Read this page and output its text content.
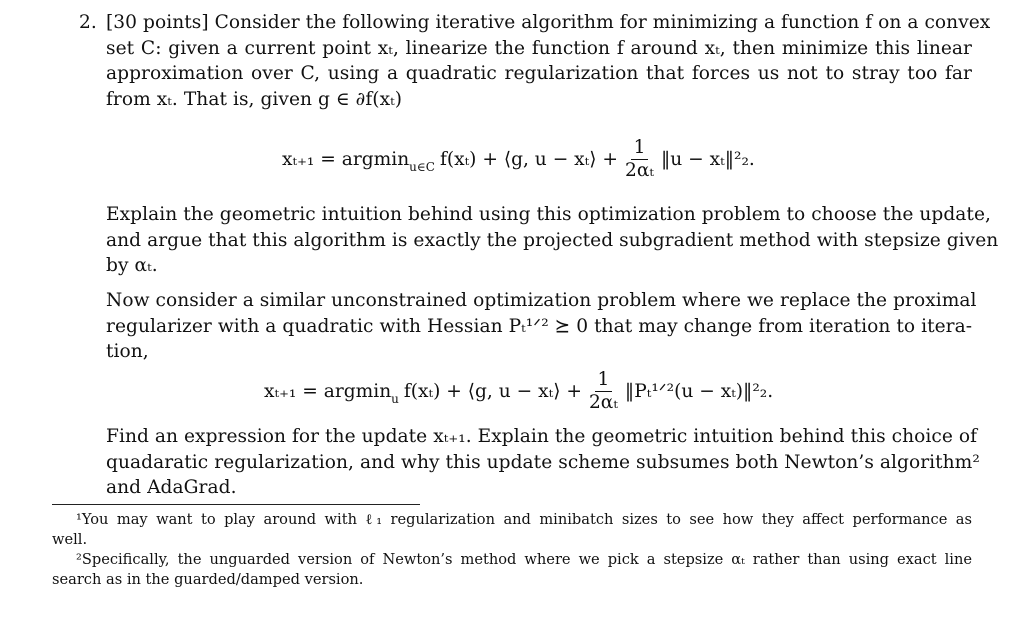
2. [30 points] Consider the following iterative algorithm for minimizing a function f on a convex
set C: given a current point xₜ, linearize the function f around xₜ, then minimize this linear
approximation over C, using a quadratic regularization that forces us not to stray too far
from xₜ. That is, given g ∈ ∂f(xₜ)
xₜ₊₁ = argmin$_{u\in C}$ f(xₜ) + ⟨g, u − xₜ⟩ + $\frac{1}{\text{2αₜ}}$ ‖u − xₜ‖²₂.
Explain the geometric intuition behind using this optimization problem to choose the update,
and argue that this algorithm is exactly the projected subgradient method with stepsize given
by αₜ.
Now consider a similar unconstrained optimization problem where we replace the proximal
regularizer with a quadratic with Hessian Pₜ¹ᐟ² ⪰ 0 that may change from iteration to itera-
tion,
xₜ₊₁ = argmin$_u$ f(xₜ) + ⟨g, u − xₜ⟩ + $\frac{1}{\text{2αₜ}}$ ‖Pₜ¹ᐟ²(u − xₜ)‖²₂.
Find an expression for the update xₜ₊₁. Explain the geometric intuition behind this choice of
quadaratic regularization, and why this update scheme subsumes both Newton’s algorithm²
and AdaGrad.
¹You may want to play around with ℓ₁ regularization and minibatch sizes to see how they affect performance as
well.
²Specifically, the unguarded version of Newton’s method where we pick a stepsize αₜ rather than using exact line
search as in the guarded/damped version.
